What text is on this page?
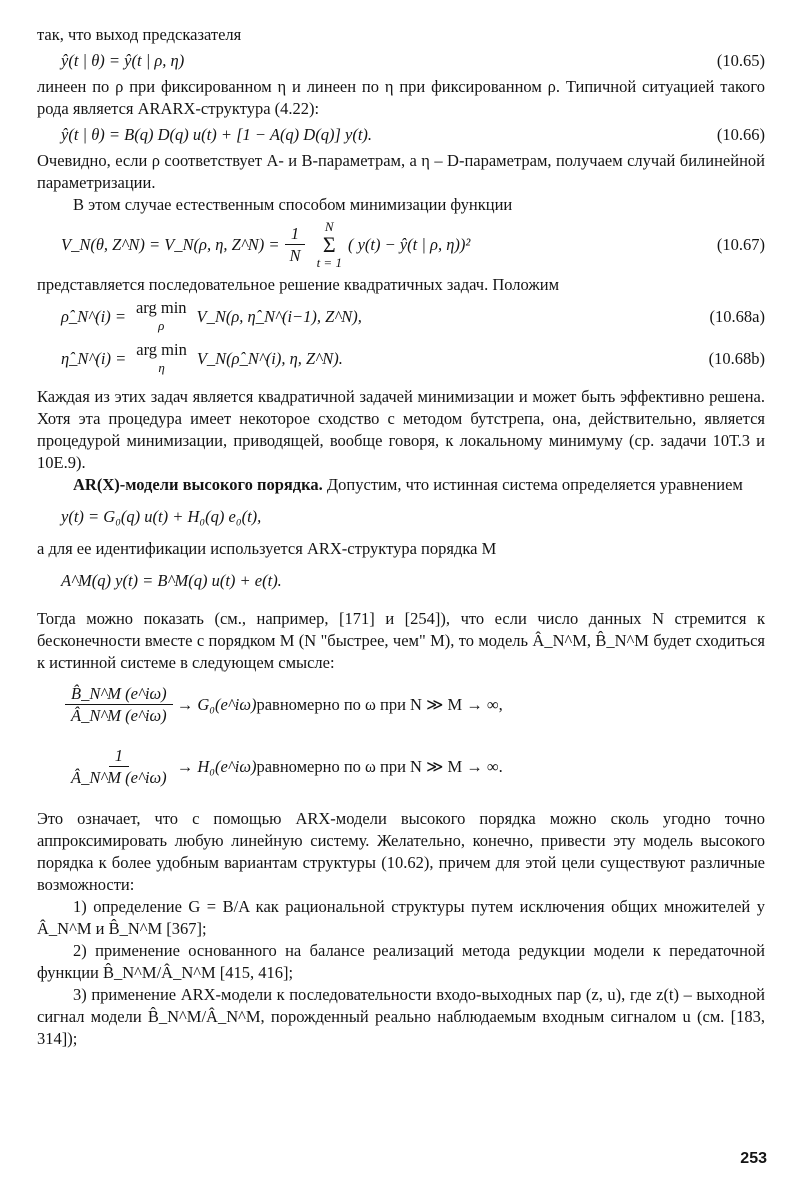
так, что выход предсказателя

ŷ(t | θ) = ŷ(t | ρ, η)	(10.65)

линеен по ρ при фиксированном η и линеен по η при фиксированном ρ. Типичной ситуацией такого рода является ARARX-структура (4.22):

ŷ(t | θ) = B(q) D(q) u(t) + [1 − A(q) D(q)] y(t).	(10.66)

Очевидно, если ρ соответствует A- и B-параметрам, а η – D-параметрам, получаем случай билинейной параметризации.

В этом случае естественным способом минимизации функции

V_N(θ, Z^N) = V_N(ρ, η, Z^N) = $\frac{1}{N}$ N
Σ
t = 1
( y(t) − ŷ(t | ρ, η))²	(10.67)

представляется последовательное решение квадратичных задач. Положим

ρ̂_N^(i) = arg min
ρ V_N(ρ, η̂_N^(i−1), Z^N),	(10.68a)
η̂_N^(i) = arg min
η V_N(ρ̂_N^(i), η, Z^N).	(10.68b)

Каждая из этих задач является квадратичной задачей минимизации и может быть эффективно решена. Хотя эта процедура имеет некоторое сходство с методом бутстрепа, она, действительно, является процедурой минимизации, приводящей, вообще говоря, к локальному минимуму (ср. задачи 10Т.3 и 10Е.9).

AR(X)-модели высокого порядка. Допустим, что истинная система определяется уравнением

y(t) = G₀(q) u(t) + H₀(q) e₀(t),

а для ее идентификации используется ARX-структура порядка M

A^M(q) y(t) = B^M(q) u(t) + e(t).

Тогда можно показать (см., например, [171] и [254]), что если число данных N стремится к бесконечности вместе с порядком M (N "быстрее, чем" M), то модель Â_N^M, B̂_N^M будет сходиться к истинной системе в следующем смысле:

$\frac{B̂\_N\^{}M (e\^{}i\omega)}{Â\_N\^{}M (e\^{}i\omega)}$ → G₀(e^iω) равномерно по ω при N ≫ M → ∞,
$\frac{1}{Â\_N\^{}M (e\^{}i\omega)}$ → H₀(e^iω) равномерно по ω при N ≫ M → ∞.

Это означает, что с помощью ARX-модели высокого порядка можно сколь угодно точно аппроксимировать любую линейную систему. Желательно, конечно, привести эту модель высокого порядка к более удобным вариантам структуры (10.62), причем для этой цели существуют различные возможности:

1) определение G = B/A как рациональной структуры путем исключения общих множителей у Â_N^M и B̂_N^M [367];

2) применение основанного на балансе реализаций метода редукции модели к передаточной функции B̂_N^M/Â_N^M [415, 416];

3) применение ARX-модели к последовательности входо-выходных пар (z, u), где z(t) – выходной сигнал модели B̂_N^M/Â_N^M, порожденный реально наблюдаемым входным сигналом u (см. [183, 314]);

253
